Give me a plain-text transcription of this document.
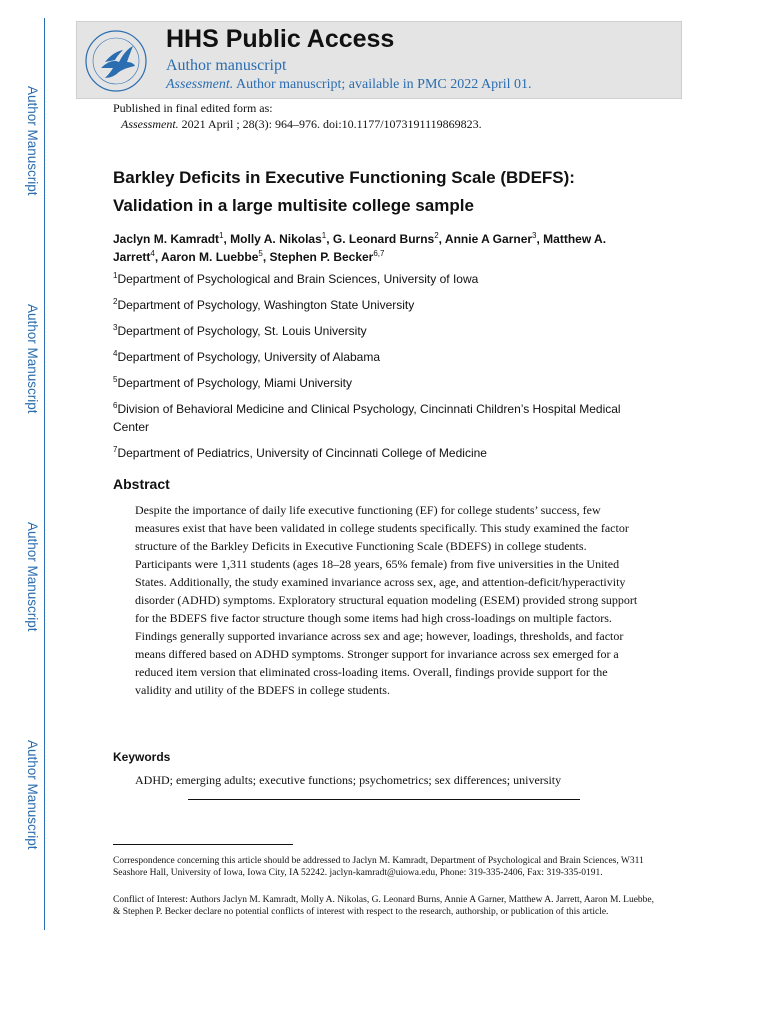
Author Manuscript
Author Manuscript
Author Manuscript
Author Manuscript
HHS Public Access
Author manuscript
Assessment. Author manuscript; available in PMC 2022 April 01.
Published in final edited form as:
Assessment. 2021 April ; 28(3): 964–976. doi:10.1177/1073191119869823.
Barkley Deficits in Executive Functioning Scale (BDEFS):
Validation in a large multisite college sample
Jaclyn M. Kamradt$^1$, Molly A. Nikolas$^1$, G. Leonard Burns$^2$, Annie A Garner$^3$, Matthew A. Jarrett$^4$, Aaron M. Luebbe$^5$, Stephen P. Becker$^{6,7}$
$^1$Department of Psychological and Brain Sciences, University of Iowa
$^2$Department of Psychology, Washington State University
$^3$Department of Psychology, St. Louis University
$^4$Department of Psychology, University of Alabama
$^5$Department of Psychology, Miami University
$^6$Division of Behavioral Medicine and Clinical Psychology, Cincinnati Children’s Hospital Medical Center
$^7$Department of Pediatrics, University of Cincinnati College of Medicine
Abstract
Despite the importance of daily life executive functioning (EF) for college students’ success, few measures exist that have been validated in college students specifically. This study examined the factor structure of the Barkley Deficits in Executive Functioning Scale (BDEFS) in college students. Participants were 1,311 students (ages 18–28 years, 65% female) from five universities in the United States. Additionally, the study examined invariance across sex, age, and attention-deficit/hyperactivity disorder (ADHD) symptoms. Exploratory structural equation modeling (ESEM) provided strong support for the BDEFS five factor structure though some items had high cross-loadings on multiple factors. Findings generally supported invariance across sex and age; however, loadings, thresholds, and factor means differed based on ADHD symptoms. Stronger support for invariance across sex emerged for a reduced item version that eliminated cross-loading items. Overall, findings provide support for the validity and utility of the BDEFS in college students.
Keywords
ADHD; emerging adults; executive functions; psychometrics; sex differences; university
Correspondence concerning this article should be addressed to Jaclyn M. Kamradt, Department of Psychological and Brain Sciences, W311 Seashore Hall, University of Iowa, Iowa City, IA 52242. jaclyn-kamradt@uiowa.edu, Phone: 319-335-2406, Fax: 319-335-0191.
Conflict of Interest: Authors Jaclyn M. Kamradt, Molly A. Nikolas, G. Leonard Burns, Annie A Garner, Matthew A. Jarrett, Aaron M. Luebbe, & Stephen P. Becker declare no potential conflicts of interest with respect to the research, authorship, or publication of this article.
